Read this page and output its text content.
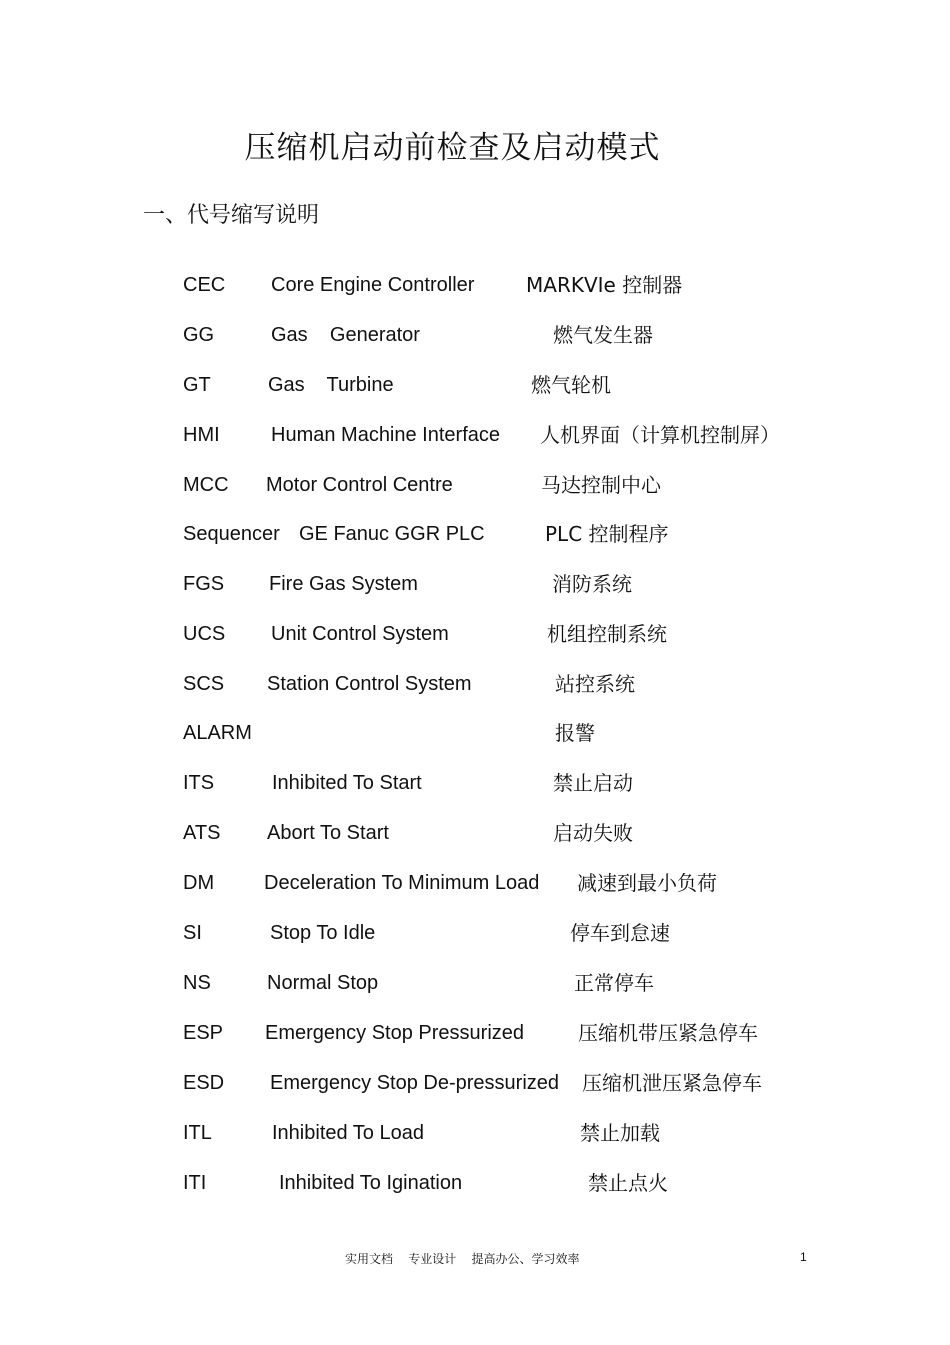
压缩机启动前检查及启动模式
一、代号缩写说明
CEC Core Engine Controller	MARKVIe 控制器
GG	Gas    Generator	燃气发生器
GT	Gas    Turbine	燃气轮机
HMI	Human Machine Interface 人机界面（计算机控制屏）
MCC Motor Control Centre	马达控制中心
Sequencer GE Fanuc GGR PLC	PLC 控制程序
FGS Fire Gas System	消防系统
UCS Unit Control System	机组控制系统
SCS Station Control System	站控系统
ALARM	报警
ITS	Inhibited To Start	禁止启动
ATS Abort To Start	启动失败
DM Deceleration To Minimum Load 减速到最小负荷
SI	Stop To Idle	停车到怠速
NS	Normal Stop	正常停车
ESP Emergency Stop Pressurized	压缩机带压紧急停车
ESD Emergency Stop De-pressurized 压缩机泄压紧急停车
ITL	Inhibited To Load	禁止加载
ITI	Inhibited To Igination	禁止点火
实用文档    专业设计    提高办公、学习效率	1
